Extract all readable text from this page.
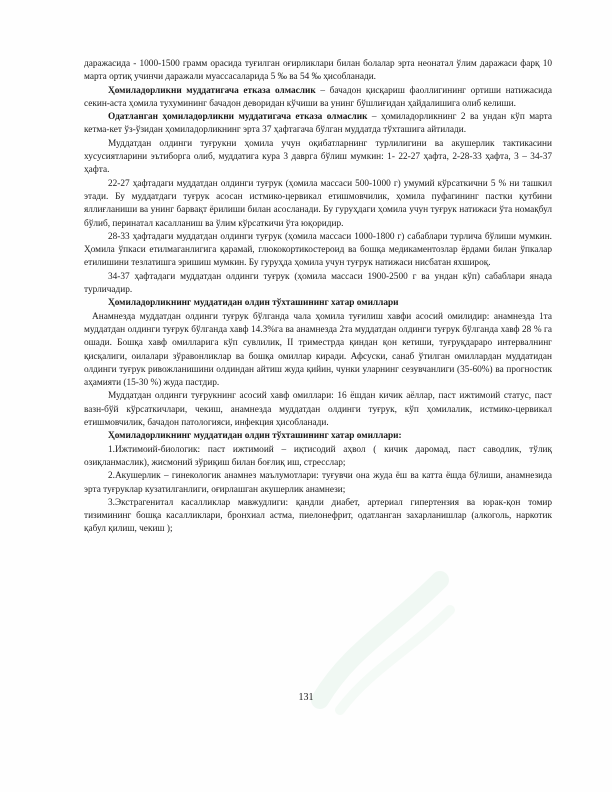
даражасида - 1000-1500 грамм орасида туғилган оғирликлари билан болалар эрта неонатал ўлим даражаси фарқ 10 марта ортиқ учинчи даражали муассасаларида 5 ‰ ва 54 ‰ ҳисобланади.

Ҳомиладорликни муддатигача етказа олмаслик – бачадон қисқариш фаоллигининг ортиши натижасида секин-аста ҳомила тухумининг бачадон деворидан кўчиши ва унинг бўшлиғидан ҳайдалишига олиб келиши.

Одатланган ҳомиладорликни муддатигача етказа олмаслик – ҳомиладорликнинг 2 ва ундан кўп марта кетма-кет ўз-ўзидан ҳомиладорликнинг эрта 37 ҳафтагача бўлган муддатда тўхташига айтилади.

Муддатдан олдинги туғрукни ҳомила учун оқибатларнинг турлилигини ва акушерлик тактикасини хусусиятларини эътиборга олиб, муддатига кура 3 даврга бўлиш мумкин: 1- 22-27 ҳафта, 2-28-33 ҳафта, 3 – 34-37 ҳафта.

22-27 ҳафтадаги муддатдан олдинги туғрук (ҳомила массаси 500-1000 г) умумий кўрсаткични 5 % ни ташкил этади. Бу муддатдаги туғрук асосан истмико-цервикал етишмовчилик, ҳомила пуфагининг пастки қутбини яллиғланиши ва унинг барвақт ёрилиши билан асосланади. Бу гуруҳдаги ҳомила учун туғрук натижаси ўта номақбул бўлиб, перинатал касалланиш ва ўлим кўрсаткичи ўта юқоридир.

28-33 ҳафтадаги муддатдан олдинги туғрук (ҳомила массаси 1000-1800 г) сабаблари турлича бўлиши мумкин. Ҳомила ўпкаси етилмаганлигига қарамай, глюкокортикостероид ва бошқа медикаментозлар ёрдами билан ўпкалар етилишини тезлатишга эришиш мумкин. Бу гуруҳда ҳомила учун туғрук натижаси нисбатан яхшироқ.

34-37 ҳафтадаги муддатдан олдинги туғрук (ҳомила массаси 1900-2500 г ва ундан кўп) сабаблари янада турличадир.

Ҳомиладорликнинг муддатидан олдин тўхташининг хатар омиллари

Анамнезда муддатдан олдинги туғрук бўлганда чала ҳомила туғилиш хавфи асосий омилидир: анамнезда 1та муддатдан олдинги туғрук бўлганда хавф 14.3%га ва анамнезда 2та муддатдан олдинги туғрук бўлганда хавф 28 % га ошади. Бошқа хавф омилларига кўп сувлилик, II триместрда қиндан қон кетиши, туғруқдараро интервалнинг қисқалиги, оилалари зўравонликлар ва бошқа омиллар киради. Афсуски, санаб ўтилган омиллардан муддатидан олдинги туғрук ривожланишини олдиндан айтиш жуда қийин, чунки уларнинг сезувчанлиги (35-60%) ва прогностик аҳамияти (15-30 %) жуда пастдир.

Муддатдан олдинги туғрукнинг асосий хавф омиллари: 16 ёшдан кичик аёллар, паст ижтимоий статус, паст вазн-бўй кўрсаткичлари, чекиш, анамнезда муддатдан олдинги туғрук, кўп ҳомилалик, истмико-цервикал етишмовчилик, бачадон патологияси, инфекция ҳисобланади.

Ҳомиладорликнинг муддатидан олдин тўхташининг хатар омиллари:

1.Ижтимоий-биологик: паст ижтимоий – иқтисодий аҳвол ( кичик даромад, паст саводлик, тўлиқ озиқланмаслик), жисмоний зўриқиш билан боғлиқ иш, стресслар;

2.Акушерлик – гинекологик анамнез маълумотлари: туғувчи она жуда ёш ва катта ёшда бўлиши, анамнезида эрта туғруклар кузатилганлиги, оғирлашган акушерлик анамнези;

3.Экстрагенитал касалликлар мавжудлиги: қандли диабет, артериал гипертензия ва юрак-қон томир тизимининг бошқа касалликлари, бронхиал астма, пиелонефрит, одатланган захарланишлар (алкоголь, наркотик қабул қилиш, чекиш );

131
